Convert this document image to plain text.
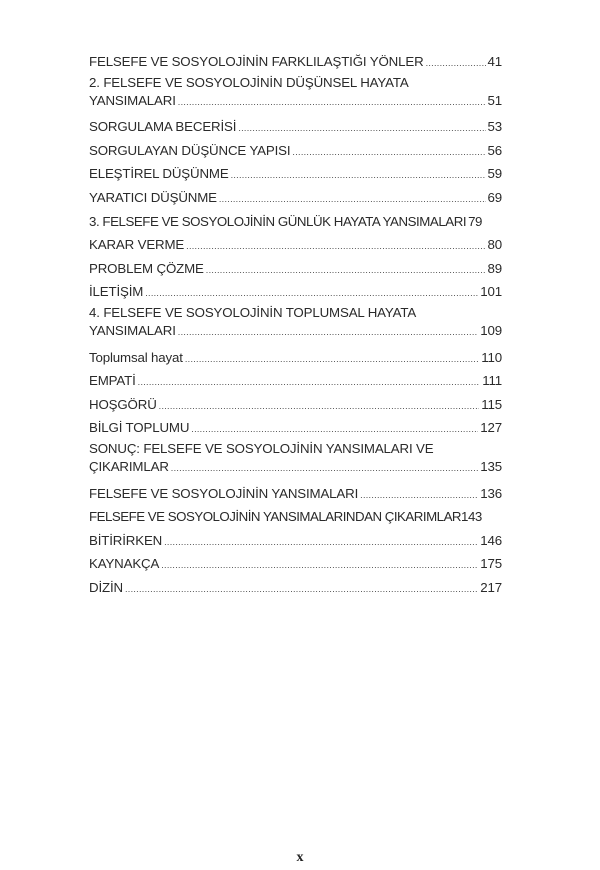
FELSEFE VE SOSYOLOJİNİN FARKLILAŞTIĞI YÖNLER .....	41
2. FELSEFE VE SOSYOLOJİNİN DÜŞÜNSEL HAYATA
YANSIMALARI .....	51
SORGULAMA BECERİSİ .....	53
SORGULAYAN DÜŞÜNCE YAPISI .....	56
ELEŞTİREL DÜŞÜNME .....	59
YARATICI DÜŞÜNME .....	69
3. FELSEFE VE SOSYOLOJİNİN GÜNLÜK HAYATA YANSIMALARI 79
KARAR VERME .....	80
PROBLEM ÇÖZME .....	89
İLETİŞİM .....	101
4. FELSEFE VE SOSYOLOJİNİN TOPLUMSAL HAYATA
YANSIMALARI .....	109
Toplumsal hayat .....	110
EMPATİ .....	111
HOŞGÖRÜ .....	115
BİLGİ TOPLUMU .....	127
SONUÇ: FELSEFE VE SOSYOLOJİNİN YANSIMALARI VE
ÇIKARIMLAR .....	135
FELSEFE VE SOSYOLOJİNİN YANSIMALARI .....	136
FELSEFE VE SOSYOLOJİNİN YANSIMALARINDAN ÇIKARIMLAR 143
BİTİRİRKEN .....	146
KAYNAKÇA .....	175
DİZİN .....	217
x
